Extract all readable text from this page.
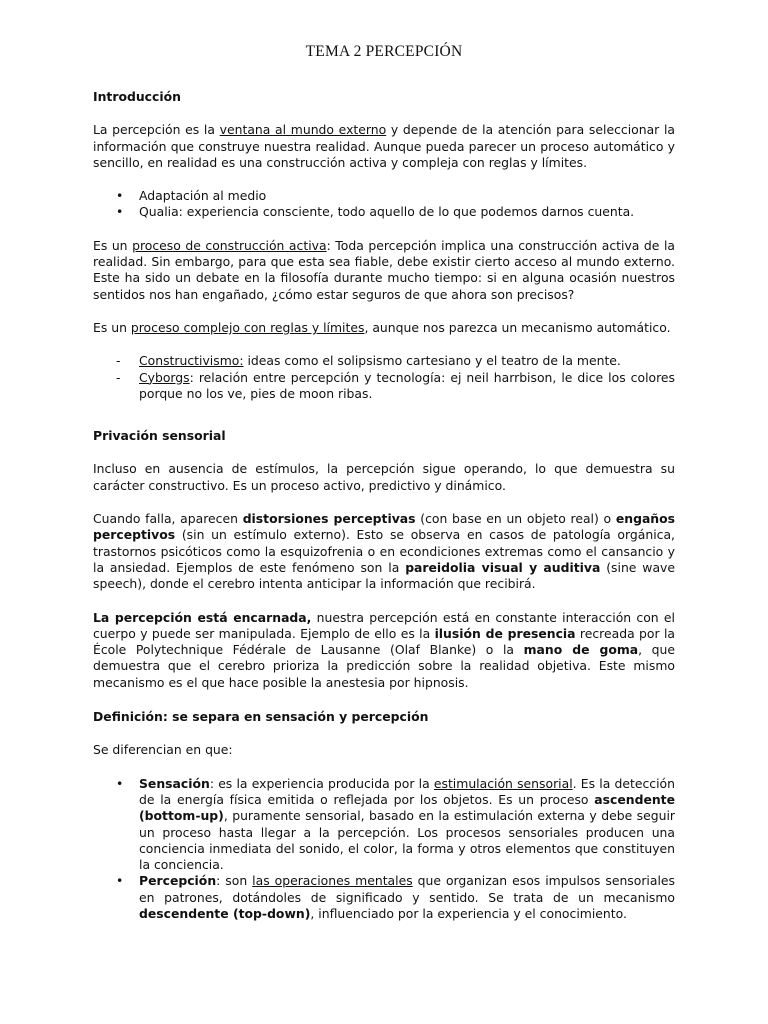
TEMA 2 PERCEPCIÓN
Introducción

La percepción es la ventana al mundo externo y depende de la atención para seleccionar la información que construye nuestra realidad. Aunque pueda parecer un proceso automático y sencillo, en realidad es una construcción activa y compleja con reglas y límites.

• Adaptación al medio
• Qualia: experiencia consciente, todo aquello de lo que podemos darnos cuenta.

Es un proceso de construcción activa: Toda percepción implica una construcción activa de la realidad. Sin embargo, para que esta sea fiable, debe existir cierto acceso al mundo externo. Este ha sido un debate en la filosofía durante mucho tiempo: si en alguna ocasión nuestros sentidos nos han engañado, ¿cómo estar seguros de que ahora son precisos?

Es un proceso complejo con reglas y límites, aunque nos parezca un mecanismo automático.

- Constructivismo: ideas como el solipsismo cartesiano y el teatro de la mente.
- Cyborgs: relación entre percepción y tecnología: ej neil harrbison, le dice los colores porque no los ve, pies de moon ribas.
Privación sensorial

Incluso en ausencia de estímulos, la percepción sigue operando, lo que demuestra su carácter constructivo. Es un proceso activo, predictivo y dinámico.

Cuando falla, aparecen distorsiones perceptivas (con base en un objeto real) o engaños perceptivos (sin un estímulo externo). Esto se observa en casos de patología orgánica, trastornos psicóticos como la esquizofrenia o en econdiciones extremas como el cansancio y la ansiedad. Ejemplos de este fenómeno son la pareidolia visual y auditiva (sine wave speech), donde el cerebro intenta anticipar la información que recibirá.

La percepción está encarnada, nuestra percepción está en constante interacción con el cuerpo y puede ser manipulada. Ejemplo de ello es la ilusión de presencia recreada por la École Polytechnique Fédérale de Lausanne (Olaf Blanke) o la mano de goma, que demuestra que el cerebro prioriza la predicción sobre la realidad objetiva. Este mismo mecanismo es el que hace posible la anestesia por hipnosis.

Definición: se separa en sensación y percepción

Se diferencian en que:

• Sensación: es la experiencia producida por la estimulación sensorial. Es la detección de la energía física emitida o reflejada por los objetos. Es un proceso ascendente (bottom-up), puramente sensorial, basado en la estimulación externa y debe seguir un proceso hasta llegar a la percepción. Los procesos sensoriales producen una conciencia inmediata del sonido, el color, la forma y otros elementos que constituyen la conciencia.
• Percepción: son las operaciones mentales que organizan esos impulsos sensoriales en patrones, dotándoles de significado y sentido. Se trata de un mecanismo descendente (top-down), influenciado por la experiencia y el conocimiento.
